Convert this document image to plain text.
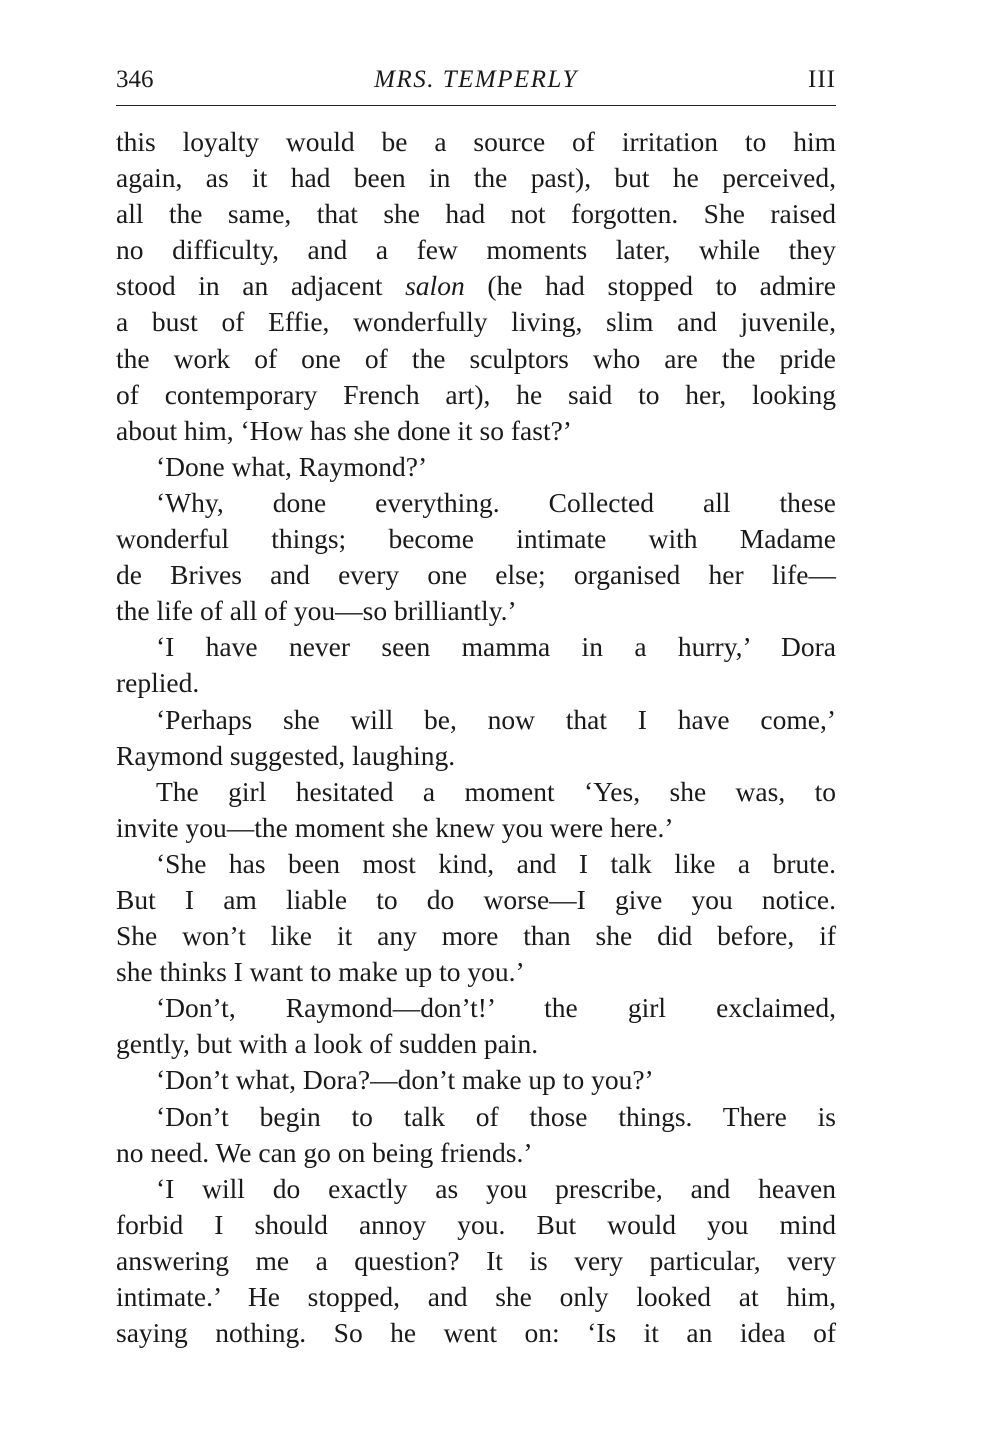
346	MRS. TEMPERLY	III
this loyalty would be a source of irritation to him
again, as it had been in the past), but he perceived,
all the same, that she had not forgotten. She raised
no difficulty, and a few moments later, while they
stood in an adjacent salon (he had stopped to admire
a bust of Effie, wonderfully living, slim and juvenile,
the work of one of the sculptors who are the pride
of contemporary French art), he said to her, looking
about him, ‘How has she done it so fast?’
‘Done what, Raymond?’
‘Why, done everything. Collected all these
wonderful things; become intimate with Madame
de Brives and every one else; organised her life—
the life of all of you—so brilliantly.’
‘I have never seen mamma in a hurry,’ Dora
replied.
‘Perhaps she will be, now that I have come,’
Raymond suggested, laughing.
The girl hesitated a moment ‘Yes, she was, to
invite you—the moment she knew you were here.’
‘She has been most kind, and I talk like a brute.
But I am liable to do worse—I give you notice.
She won’t like it any more than she did before, if
she thinks I want to make up to you.’
‘Don’t, Raymond—don’t!’ the girl exclaimed,
gently, but with a look of sudden pain.
‘Don’t what, Dora?—don’t make up to you?’
‘Don’t begin to talk of those things. There is
no need. We can go on being friends.’
‘I will do exactly as you prescribe, and heaven
forbid I should annoy you. But would you mind
answering me a question? It is very particular, very
intimate.’ He stopped, and she only looked at him,
saying nothing. So he went on: ‘Is it an idea of
